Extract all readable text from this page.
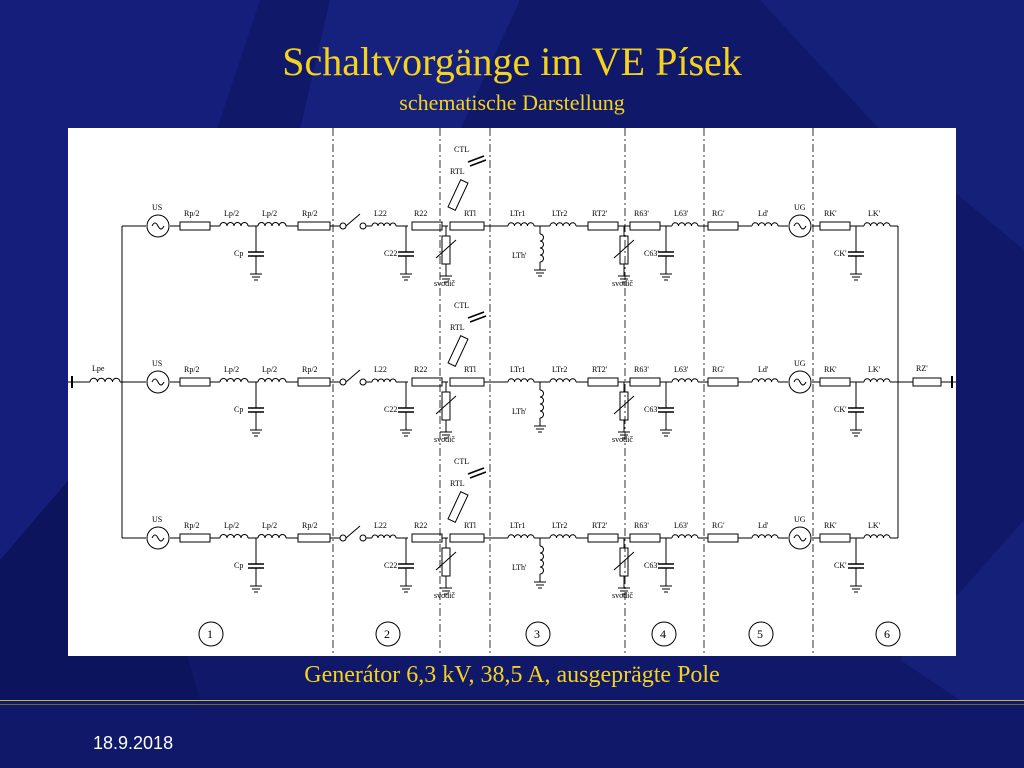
Schaltvorgänge im VE Písek
schematische Darstellung
Lpe	RZ'
US
Rp/2	Lp/2	Lp/2
Cp
Rp/2	L22
C22
R22	RTl
svodič
LTr1
LTh'
LTr2	RT2'
svodič
R63'
C63'
L63'	RG'	Ld'
UG
RK'
CK'
LK'
US
Rp/2	Lp/2	Lp/2
Cp
Rp/2	L22
C22
R22	RTl
svodič
LTr1
LTh'
LTr2	RT2'
svodič
R63'
C63'
L63'	RG'	Ld'
UG
RK'
CK'
LK'
US
Rp/2	Lp/2	Lp/2
Cp
Rp/2	L22
C22
R22	RTl
svodič
LTr1
LTh'
LTr2	RT2'
svodič
R63'
C63'
L63'	RG'	Ld'
UG
RK'
CK'
LK'
CTL
RTL
CTL
RTL
CTL
RTL
1	2	3	4	5	6
Generátor 6,3 kV, 38,5 A, ausgeprägte Pole
18.9.2018
